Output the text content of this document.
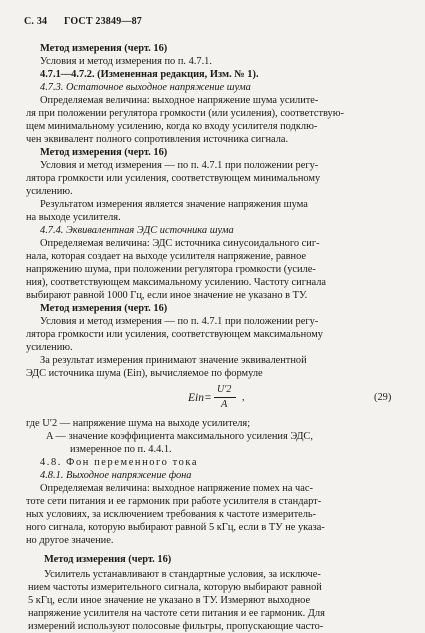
С. 34 ГОСТ 23849—87
Метод измерения (черт. 16)
Условия и метод измерения по п. 4.7.1.
4.7.1—4.7.2. (Измененная редакция, Изм. № 1).
4.7.3. Остаточное выходное напряжение шума
Определяемая величина: выходное напряжение шума усилите-
ля при положении регулятора громкости (или усиления), соответствую-
щем минимальному усилению, когда ко входу усилителя подклю-
чен эквивалент полного сопротивления источника сигнала.
Метод измерения (черт. 16)
Условия и метод измерения — по п. 4.7.1 при положении регу-
лятора громкости или усиления, соответствующем минимальному
усилению.
Результатом измерения является значение напряжения шума
на выходе усилителя.
4.7.4. Эквивалентная ЭДС источника шума
Определяемая величина: ЭДС источника синусоидального сиг-
нала, которая создает на выходе усилителя напряжение, равное
напряжению шума, при положении регулятора громкости (усиле-
ния), соответствующем максимальному усилению. Частоту сигнала
выбирают равной 1000 Гц, если иное значение не указано в ТУ.
Метод измерения (черт. 16)
Условия и метод измерения — по п. 4.7.1 при положении регу-
лятора громкости или усиления, соответствующем максимальному
усилению.
За результат измерения принимают значение эквивалентной
ЭДС источника шума (Eіп), вычисляемое по формуле
Eіп=
U′2
A
,	(29)
где U′2 — напряжение шума на выходе усилителя;
A — значение коэффициента максимального усиления ЭДС,
измеренное по п. 4.4.1.
4.8. Фон переменного тока
4.8.1. Выходное напряжение фона
Определяемая величина: выходное напряжение помех на час-
тоте сети питания и ее гармоник при работе усилителя в стандарт-
ных условиях, за исключением требования к частоте измеритель-
ного сигнала, которую выбирают равной 5 кГц, если в ТУ не указа-
но другое значение.
Метод измерения (черт. 16)
Усилитель устанавливают в стандартные условия, за исключе-
нием частоты измерительного сигнала, которую выбирают равной
5 кГц, если иное значение не указано в ТУ. Измеряют выходное
напряжение усилителя на частоте сети питания и ее гармоник. Для
измерений используют полосовые фильтры, пропускающие часто-
